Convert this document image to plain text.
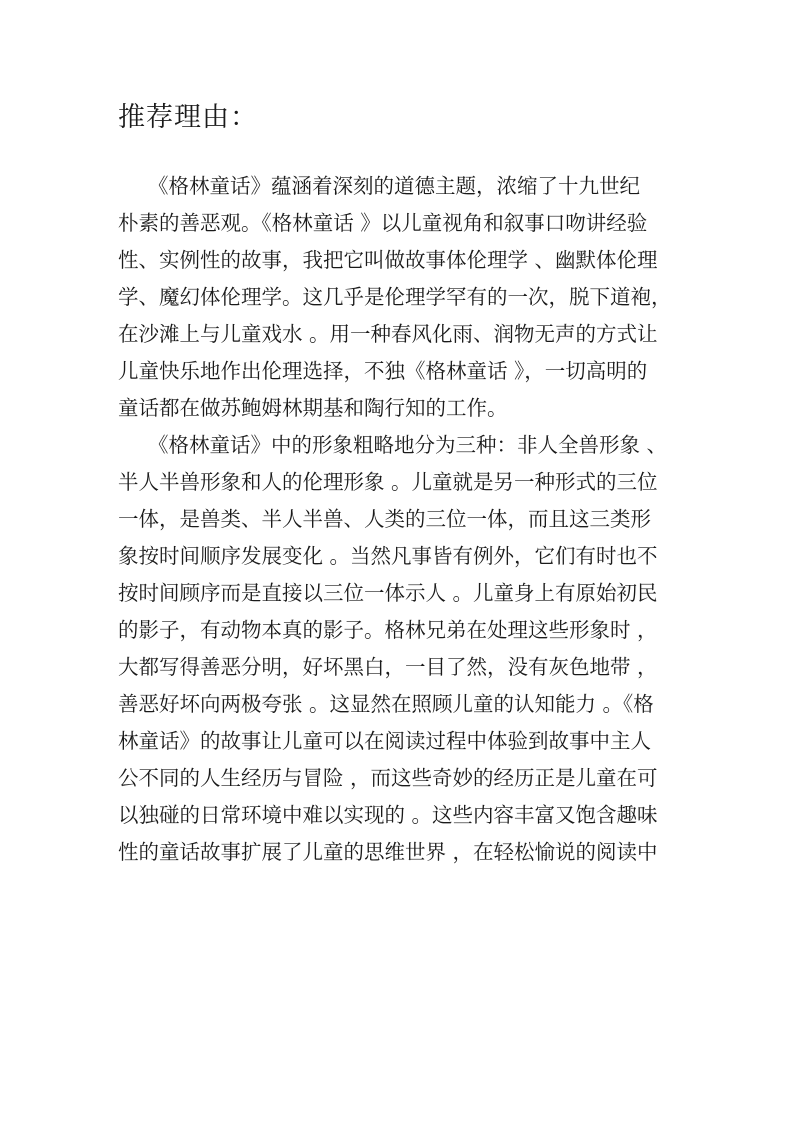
推荐理由：
《格林童话》蕴涵着深刻的道德主题，浓缩了十九世纪
朴素的善恶观。《格林童话 》以儿童视角和叙事口吻讲经验
性、实例性的故事，我把它叫做故事体伦理学 、幽默体伦理
学、魔幻体伦理学。这几乎是伦理学罕有的一次，脱下道袍，
在沙滩上与儿童戏水 。用一种春风化雨、润物无声的方式让
儿童快乐地作出伦理选择，不独《格林童话 》，一切高明的
童话都在做苏鲍姆林期基和陶行知的工作。
《格林童话》中的形象粗略地分为三种：非人全兽形象 、
半人半兽形象和人的伦理形象 。儿童就是另一种形式的三位
一体，是兽类、半人半兽、人类的三位一体，而且这三类形
象按时间顺序发展变化 。当然凡事皆有例外，它们有时也不
按时间顾序而是直接以三位一体示人 。儿童身上有原始初民
的影子，有动物本真的影子。格林兄弟在处理这些形象时 ，
大都写得善恶分明，好坏黑白，一目了然，没有灰色地带 ，
善恶好坏向两极夸张 。这显然在照顾儿童的认知能力 。《格
林童话》的故事让儿童可以在阅读过程中体验到故事中主人
公不同的人生经历与冒险 ，而这些奇妙的经历正是儿童在可
以独碰的日常环境中难以实现的 。这些内容丰富又饱含趣味
性的童话故事扩展了儿童的思维世界 ，在轻松愉说的阅读中
